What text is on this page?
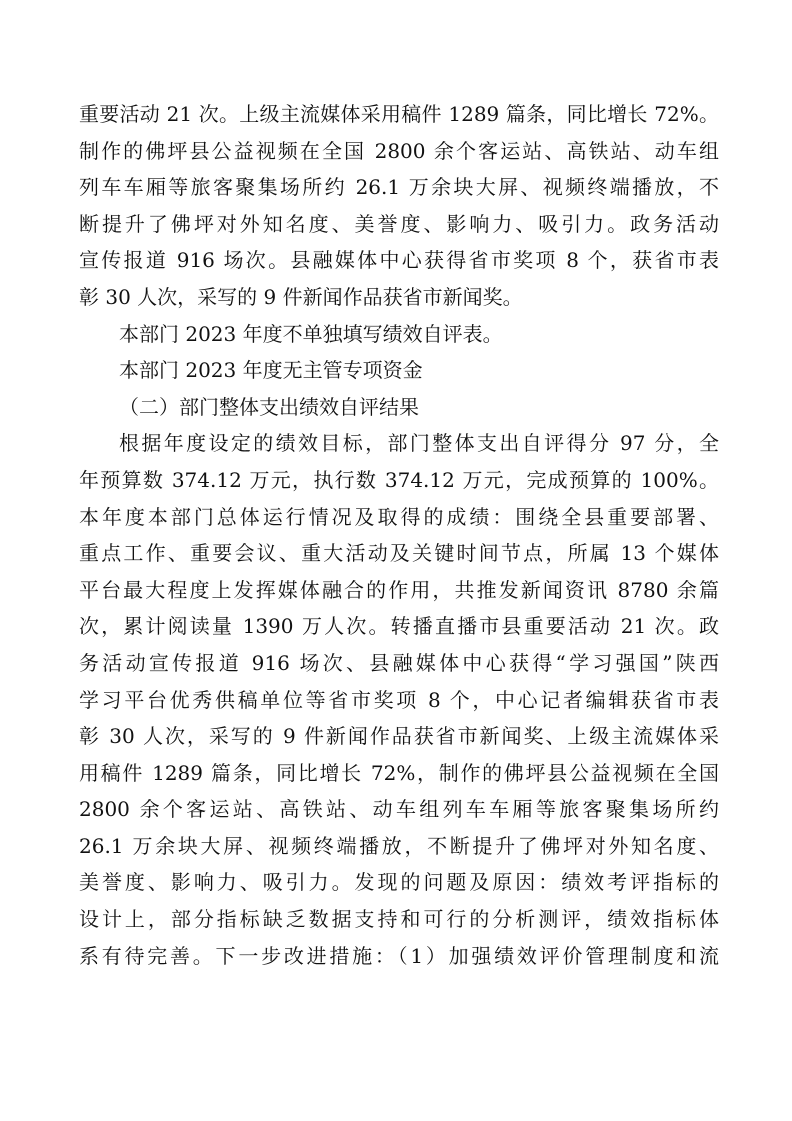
重要活动 21 次。上级主流媒体采用稿件 1289 篇条，同比增长 72%。
制作的佛坪县公益视频在全国 2800 余个客运站、高铁站、动车组
列车车厢等旅客聚集场所约 26.1 万余块大屏、视频终端播放，不
断提升了佛坪对外知名度、美誉度、影响力、吸引力。政务活动
宣传报道 916 场次。县融媒体中心获得省市奖项 8 个，获省市表
彰 30 人次，采写的 9 件新闻作品获省市新闻奖。
本部门 2023 年度不单独填写绩效自评表。
本部门 2023 年度无主管专项资金
（二）部门整体支出绩效自评结果
根据年度设定的绩效目标，部门整体支出自评得分 97 分，全
年预算数 374.12 万元，执行数 374.12 万元，完成预算的 100%。
本年度本部门总体运行情况及取得的成绩：围绕全县重要部署、
重点工作、重要会议、重大活动及关键时间节点，所属 13 个媒体
平台最大程度上发挥媒体融合的作用，共推发新闻资讯 8780 余篇
次，累计阅读量 1390 万人次。转播直播市县重要活动 21 次。政
务活动宣传报道 916 场次、县融媒体中心获得“学习强国”陕西
学习平台优秀供稿单位等省市奖项 8 个，中心记者编辑获省市表
彰 30 人次，采写的 9 件新闻作品获省市新闻奖、上级主流媒体采
用稿件 1289 篇条，同比增长 72%，制作的佛坪县公益视频在全国
2800 余个客运站、高铁站、动车组列车车厢等旅客聚集场所约
26.1 万余块大屏、视频终端播放，不断提升了佛坪对外知名度、
美誉度、影响力、吸引力。发现的问题及原因：绩效考评指标的
设计上，部分指标缺乏数据支持和可行的分析测评，绩效指标体
系有待完善。下一步改进措施：（1）加强绩效评价管理制度和流
